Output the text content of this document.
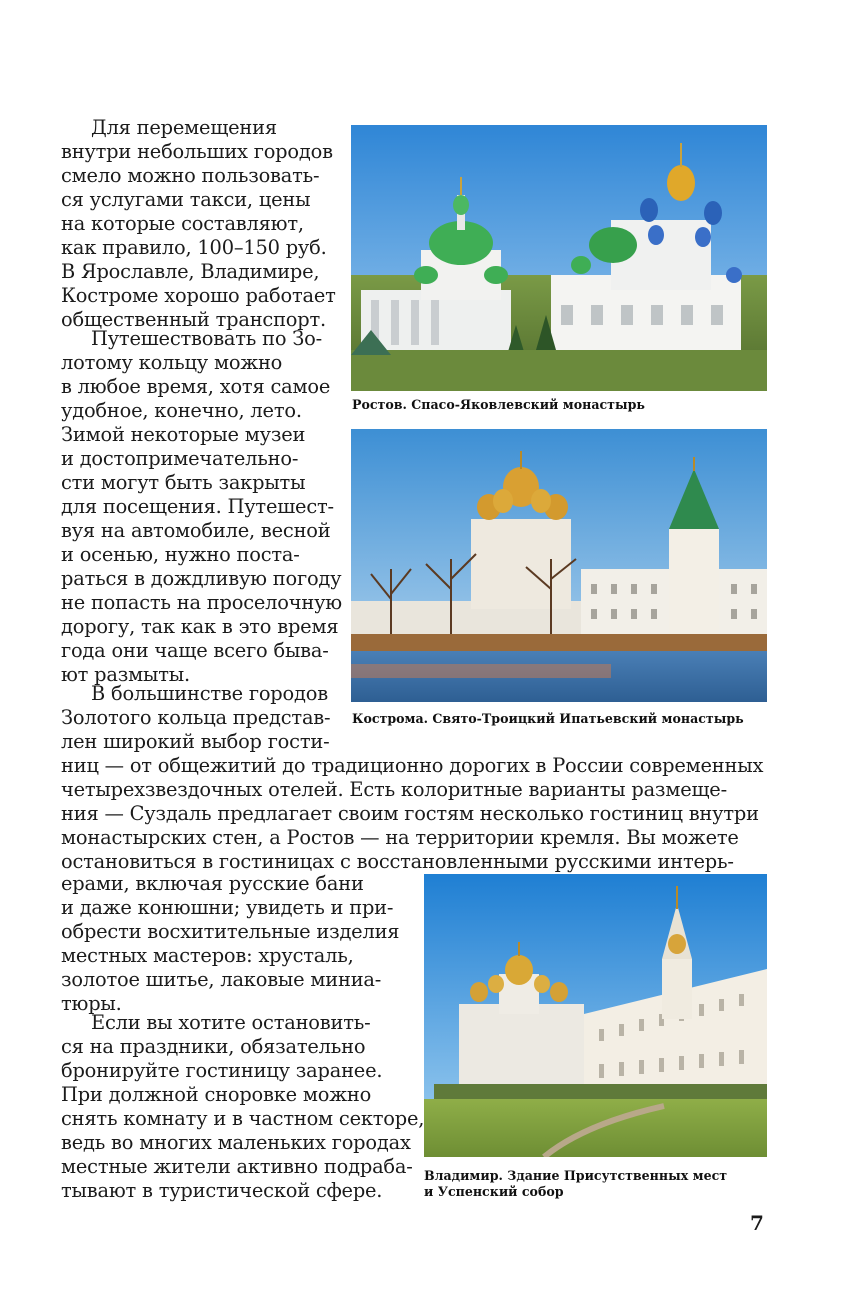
Для перемещения
внутри небольших городов
смело можно пользовать-
ся услугами такси, цены
на которые составляют,
как правило, 100–150 руб.
В Ярославле, Владимире,
Костроме хорошо работает
общественный транспорт.
Путешествовать по Зо-
лотому кольцу можно
в любое время, хотя самое
удобное, конечно, лето.
Зимой некоторые музеи
и достопримечательно-
сти могут быть закрыты
для посещения. Путешест-
вуя на автомобиле, весной
и осенью, нужно поста-
раться в дождливую погоду
не попасть на проселочную
дорогу, так как в это время
года они чаще всего быва-
ют размыты.
В большинстве городов
Золотого кольца представ-
лен широкий выбор гости-
ниц — от общежитий до традиционно дорогих в России современных
четырехзвездочных отелей. Есть колоритные варианты размеще-
ния — Суздаль предлагает своим гостям несколько гостиниц внутри
монастырских стен, а Ростов — на территории кремля. Вы можете
остановиться в гостиницах с восстановленными русскими интерь-
ерами, включая русские бани
и даже конюшни; увидеть и при-
обрести восхитительные изделия
местных мастеров: хрусталь,
золотое шитье, лаковые миниа-
тюры.
Если вы хотите остановить-
ся на праздники, обязательно
бронируйте гостиницу заранее.
При должной сноровке можно
снять комнату и в частном секторе,
ведь во многих маленьких городах
местные жители активно подраба-
тывают в туристической сфере.
Ростов. Спасо-Яковлевский монастырь
Кострома. Свято-Троицкий Ипатьевский монастырь
Владимир. Здание Присутственных мест
и Успенский собор
7
